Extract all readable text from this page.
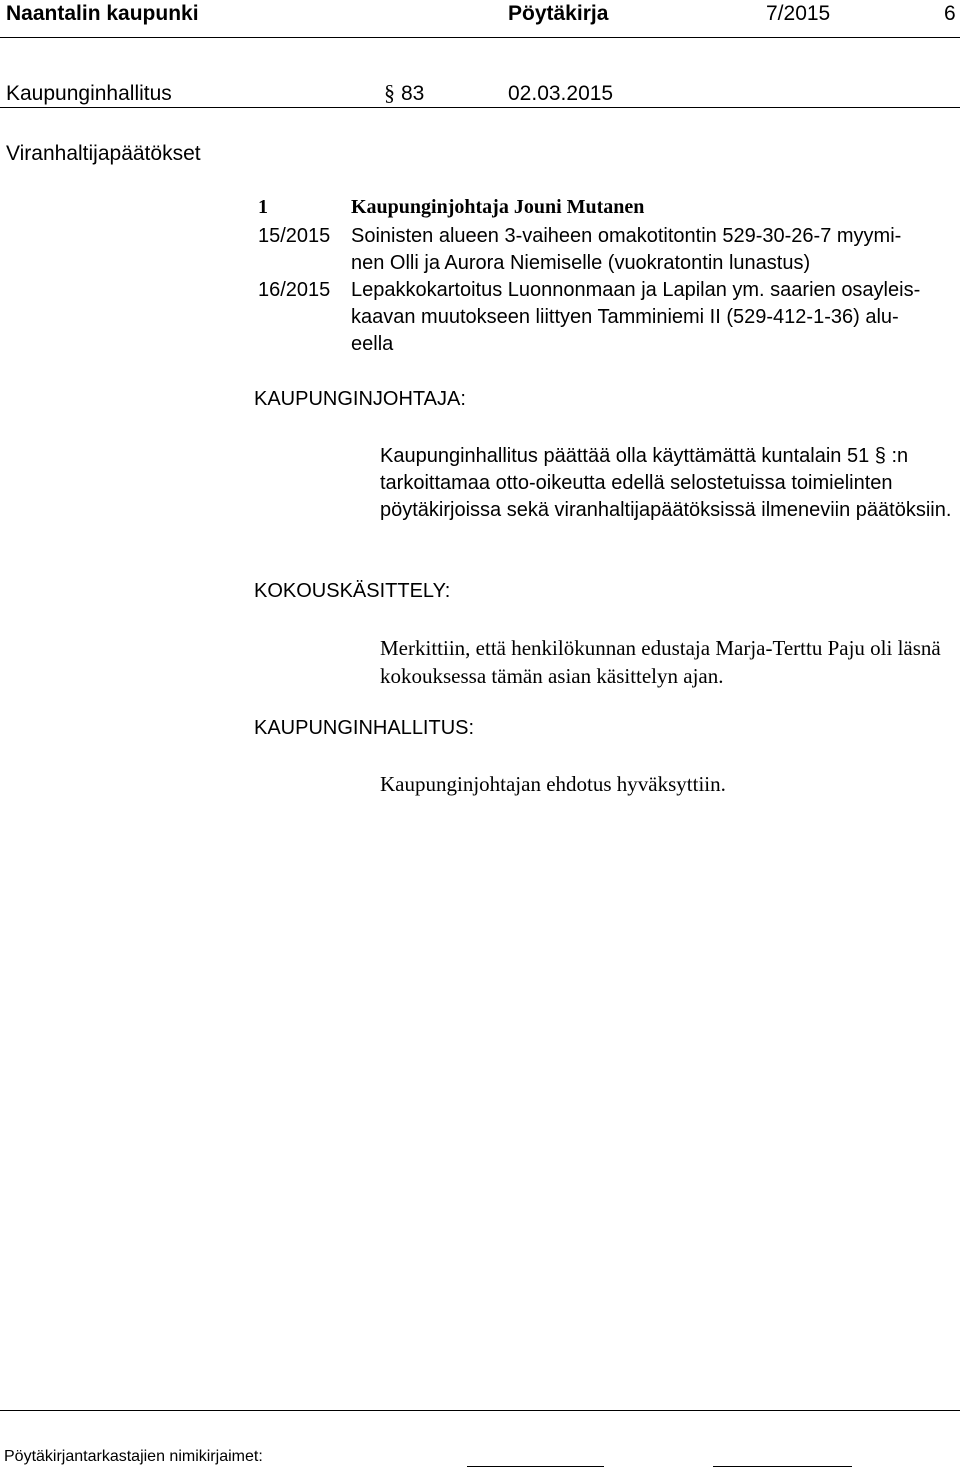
Naantalin kaupunki	Pöytäkirja	7/2015	6
Kaupunginhallitus	§ 83	02.03.2015
Viranhaltijapäätökset
1	Kaupunginjohtaja Jouni Mutanen
15/2015 Soinisten alueen 3-vaiheen omakotitontin 529-30-26-7 myymi-
nen Olli ja Aurora Niemiselle (vuokratontin lunastus)
16/2015 Lepakkokartoitus Luonnonmaan ja Lapilan ym. saarien osayleis-
kaavan muutokseen liittyen Tamminiemi II (529-412-1-36) alu-
eella
KAUPUNGINJOHTAJA:
Kaupunginhallitus päättää olla käyttämättä kuntalain 51 § :n tarkoittamaa otto-oikeutta edellä selostetuissa toimielinten pöytäkirjoissa sekä viranhaltijapäätöksissä ilmeneviin päätöksiin.
KOKOUSKÄSITTELY:
Merkittiin, että henkilökunnan edustaja Marja-Terttu Paju oli läsnä kokouksessa tämän asian käsittelyn ajan.
KAUPUNGINHALLITUS:
Kaupunginjohtajan ehdotus hyväksyttiin.
Pöytäkirjantarkastajien nimikirjaimet:
